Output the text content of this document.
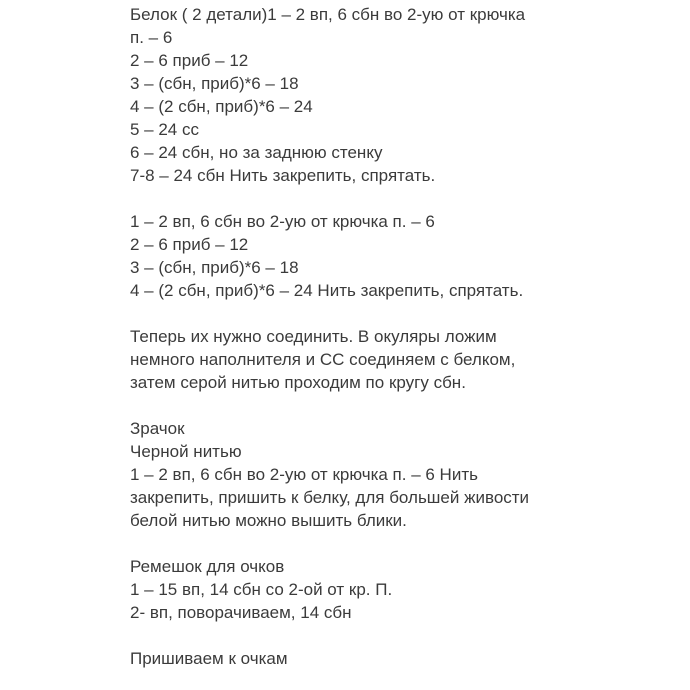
Белок ( 2 детали)1 – 2 вп, 6 сбн во 2-ую от крючка
п. – 6
2 – 6 приб – 12
3 – (сбн, приб)*6 – 18
4 – (2 сбн, приб)*6 – 24
5 – 24 сс
6 – 24 сбн, но за заднюю стенку
7-8 – 24 сбн Нить закрепить, спрятать.
1 – 2 вп, 6 сбн во 2-ую от крючка п. – 6
2 – 6 приб – 12
3 – (сбн, приб)*6 – 18
4 – (2 сбн, приб)*6 – 24 Нить закрепить, спрятать.
Теперь их нужно соединить. В окуляры ложим
немного наполнителя и СС соединяем с белком,
затем серой нитью проходим по кругу сбн.
Зрачок
Черной нитью
1 – 2 вп, 6 сбн во 2-ую от крючка п. – 6 Нить
закрепить, пришить к белку, для большей живости
белой нитью можно вышить блики.
Ремешок для очков
1 – 15 вп, 14 сбн со 2-ой от кр. П.
2- вп, поворачиваем, 14 сбн
Пришиваем к очкам
